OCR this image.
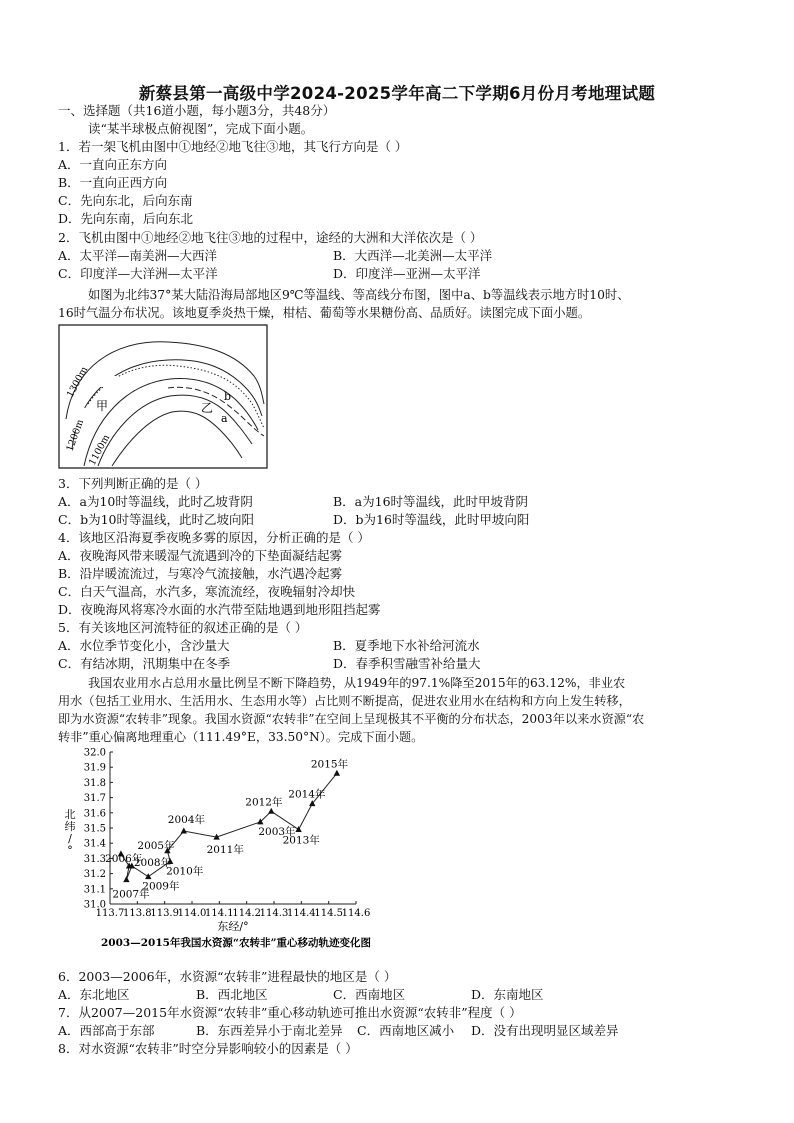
新蔡县第一高级中学2024-2025学年高二下学期6月份月考地理试题
一、选择题（共16道小题，每小题3分，共48分）
读“某半球极点俯视图”，完成下面小题。
1．若一架飞机由图中①地经②地飞往③地，其飞行方向是（ ）
A．一直向正东方向
B．一直向正西方向
C．先向东北，后向东南
D．先向东南，后向东北
2．飞机由图中①地经②地飞往③地的过程中，途经的大洲和大洋依次是（ ）
A．太平洋—南美洲—大西洋	B．大西洋—北美洲—太平洋
C．印度洋—大洋洲—太平洋	D．印度洋—亚洲—太平洋
如图为北纬37°某大陆沿海局部地区9℃等温线、等高线分布图，图中a、b等温线表示地方时10时、
16时气温分布状况。该地夏季炎热干燥，柑桔、葡萄等水果糖份高、品质好。读图完成下面小题。
1300m
1200m 1100m
甲	乙
b
a
3．下列判断正确的是（ ）
A．a为10时等温线，此时乙坡背阴	B．a为16时等温线，此时甲坡背阴
C．b为10时等温线，此时乙坡向阳	D．b为16时等温线，此时甲坡向阳
4．该地区沿海夏季夜晚多雾的原因，分析正确的是（ ）
A．夜晚海风带来暖湿气流遇到冷的下垫面凝结起雾
B．沿岸暖流流过，与寒冷气流接触，水汽遇冷起雾
C．白天气温高，水汽多，寒流流经，夜晚辐射冷却快
D．夜晚海风将寒冷水面的水汽带至陆地遇到地形阻挡起雾
5．有关该地区河流特征的叙述正确的是（ ）
A．水位季节变化小，含沙量大	B．夏季地下水补给河流水
C．有结冰期，汛期集中在冬季	D．春季积雪融雪补给量大
我国农业用水占总用水量比例呈不断下降趋势，从1949年的97.1%降至2015年的63.12%，非业农
用水（包括工业用水、生活用水、生态用水等）占比则不断提高，促进农业用水在结构和方向上发生转移，
即为水资源“农转非”现象。我国水资源“农转非”在空间上呈现极其不平衡的分布状态，2003年以来水资源“农
转非”重心偏离地理重心（111.49°E，33.50°N）。完成下面小题。
31.0
31.1
31.2
31.3
31.4
31.5
31.6
31.7
31.8
31.9
32.0
113.7
113.8
113.9
114.0
114.1
114.2
114.3
114.4
114.5
114.6
北
纬
/
°
东经/°
2006年
2007年
2008年
2009年
2010年
2005年
2004年
2011年
2003年
2012年
2013年
2014年
2015年
2003—2015年我国水资源“农转非”重心移动轨迹变化图
6．2003—2006年，水资源“农转非”进程最快的地区是（ ）
A．东北地区	B．西北地区	C．西南地区	D．东南地区
7．从2007—2015年水资源“农转非”重心移动轨迹可推出水资源“农转非”程度（ ）
A．西部高于东部	B．东西差异小于南北差异 C．西南地区减小 D．没有出现明显区域差异
8．对水资源“农转非”时空分异影响较小的因素是（ ）
